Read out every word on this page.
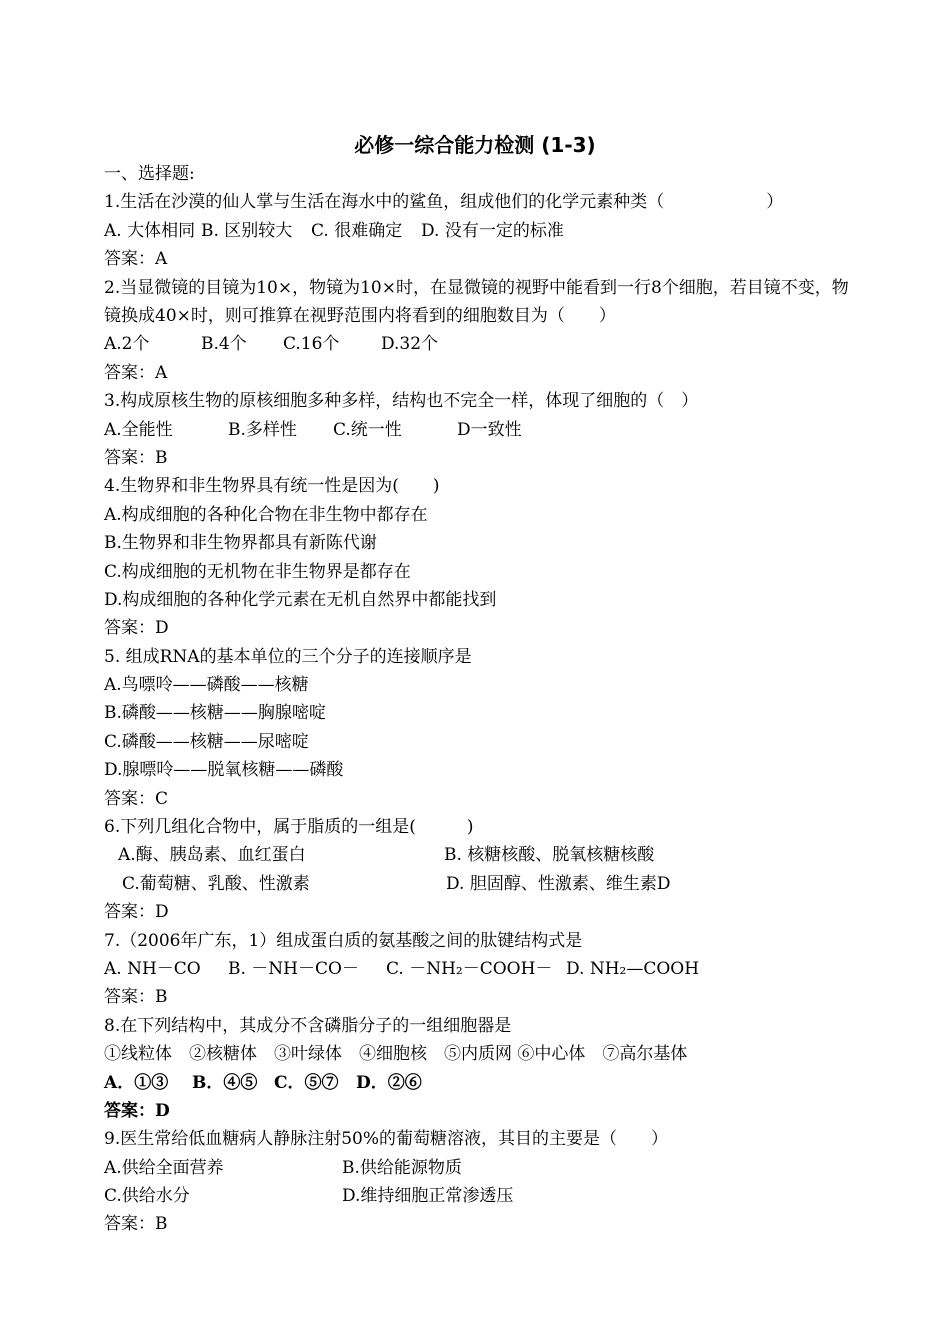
必修一综合能力检测 (1-3)
一、选择题:
1.生活在沙漠的仙人掌与生活在海水中的鲨鱼，组成他们的化学元素种类（　　　　　　）
A. 大体相同 B. 区别较大	C. 很难确定	D. 没有一定的标准
答案：A
2.当显微镜的目镜为10×，物镜为10×时，在显微镜的视野中能看到一行8个细胞，若目镜不变，物镜换成40×时，则可推算在视野范围内将看到的细胞数目为（　　）
A.2个	B.4个	C.16个	D.32个
答案：A
3.构成原核生物的原核细胞多种多样，结构也不完全一样，体现了细胞的（　）
A.全能性	B.多样性	C.统一性	D一致性
答案：B
4.生物界和非生物界具有统一性是因为(　　)
A.构成细胞的各种化合物在非生物中都存在
B.生物界和非生物界都具有新陈代谢
C.构成细胞的无机物在非生物界是都存在
D.构成细胞的各种化学元素在无机自然界中都能找到
答案：D
5. 组成RNA的基本单位的三个分子的连接顺序是
A.鸟嘌呤——磷酸——核糖
B.磷酸——核糖——胸腺嘧啶
C.磷酸——核糖——尿嘧啶
D.腺嘌呤——脱氧核糖——磷酸
答案：C
6.下列几组化合物中，属于脂质的一组是(　　　)
A.酶、胰岛素、血红蛋白	B. 核糖核酸、脱氧核糖核酸
C.葡萄糖、乳酸、性激素	D. 胆固醇、性激素、维生素D
答案：D
7.（2006年广东，1）组成蛋白质的氨基酸之间的肽键结构式是
A. NH－CO	B. －NH－CO－	C. －NH₂－COOH－ D. NH₂—COOH
答案：B
8.在下列结构中，其成分不含磷脂分子的一组细胞器是
①线粒体　②核糖体　③叶绿体　④细胞核　⑤内质网 ⑥中心体　⑦高尔基体
A．①③	B．④⑤ C．⑤⑦	D．②⑥
答案：D
9.医生常给低血糖病人静脉注射50%的葡萄糖溶液，其目的主要是（　　）
A.供给全面营养	B.供给能源物质
C.供给水分	D.维持细胞正常渗透压
答案：B
